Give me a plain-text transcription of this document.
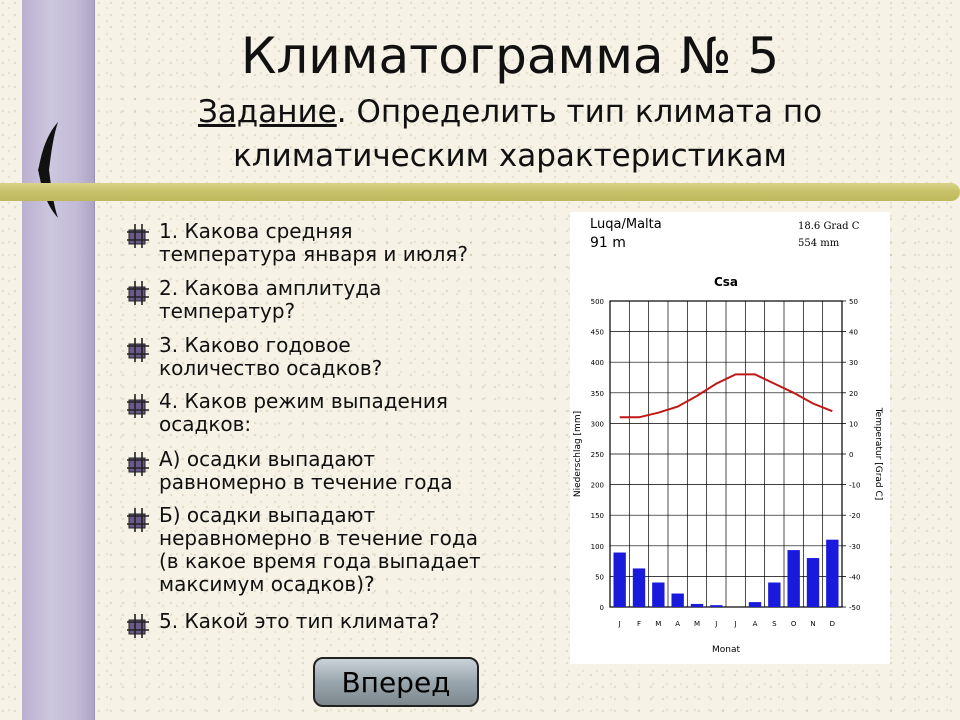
Климатограмма № 5
Задание. Определить тип климата по климатическим характеристикам
1. Какова средняя
температура января и июля?
2. Какова амплитуда
температур?
3. Каково годовое
количество осадков?
4. Каков режим выпадения
осадков:
А) осадки выпадают
равномерно в течение года
Б) осадки выпадают
неравномерно в течение года
(в какое время года выпадает
максимум осадков)?
5. Какой это тип климата?
Luqa/Malta
91 m
18.6 Grad C
554 mm
Csa
0
50
100
150
200
250
300
350
400
450
500
-50
-40
-30
-20
-10
0
10
20
30
40
50
J F M A M J J A S O N D
Monat
Niederschlag [mm]	Temperatur [Grad C]
Вперед
